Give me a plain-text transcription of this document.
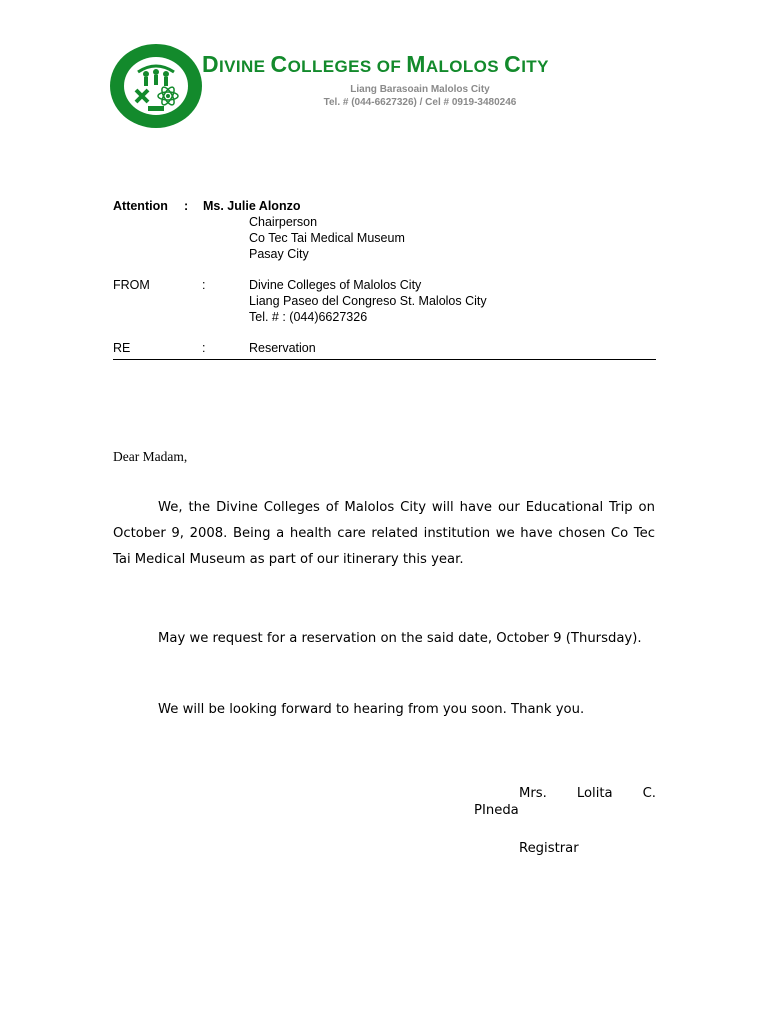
DIVINE COLLEGES OF MALOLOS CITY
Liang Barasoain Malolos City
Tel. # (044-6627326) / Cel # 0919-3480246
Attention : Ms. Julie Alonzo
Chairperson
Co Tec Tai Medical Museum
Pasay City
FROM	:	Divine Colleges of Malolos City
Liang Paseo del Congreso St. Malolos City
Tel. # : (044)6627326
RE	:	Reservation
Dear Madam,
We, the Divine Colleges of Malolos City will have our Educational Trip on October 9, 2008. Being a health care related institution we have chosen Co Tec Tai Medical Museum as part of our itinerary this year.
May we request for a reservation on the said date, October 9 (Thursday).
We will be looking forward to hearing from you soon. Thank you.
Mrs. Lolita C.
PIneda
Registrar
